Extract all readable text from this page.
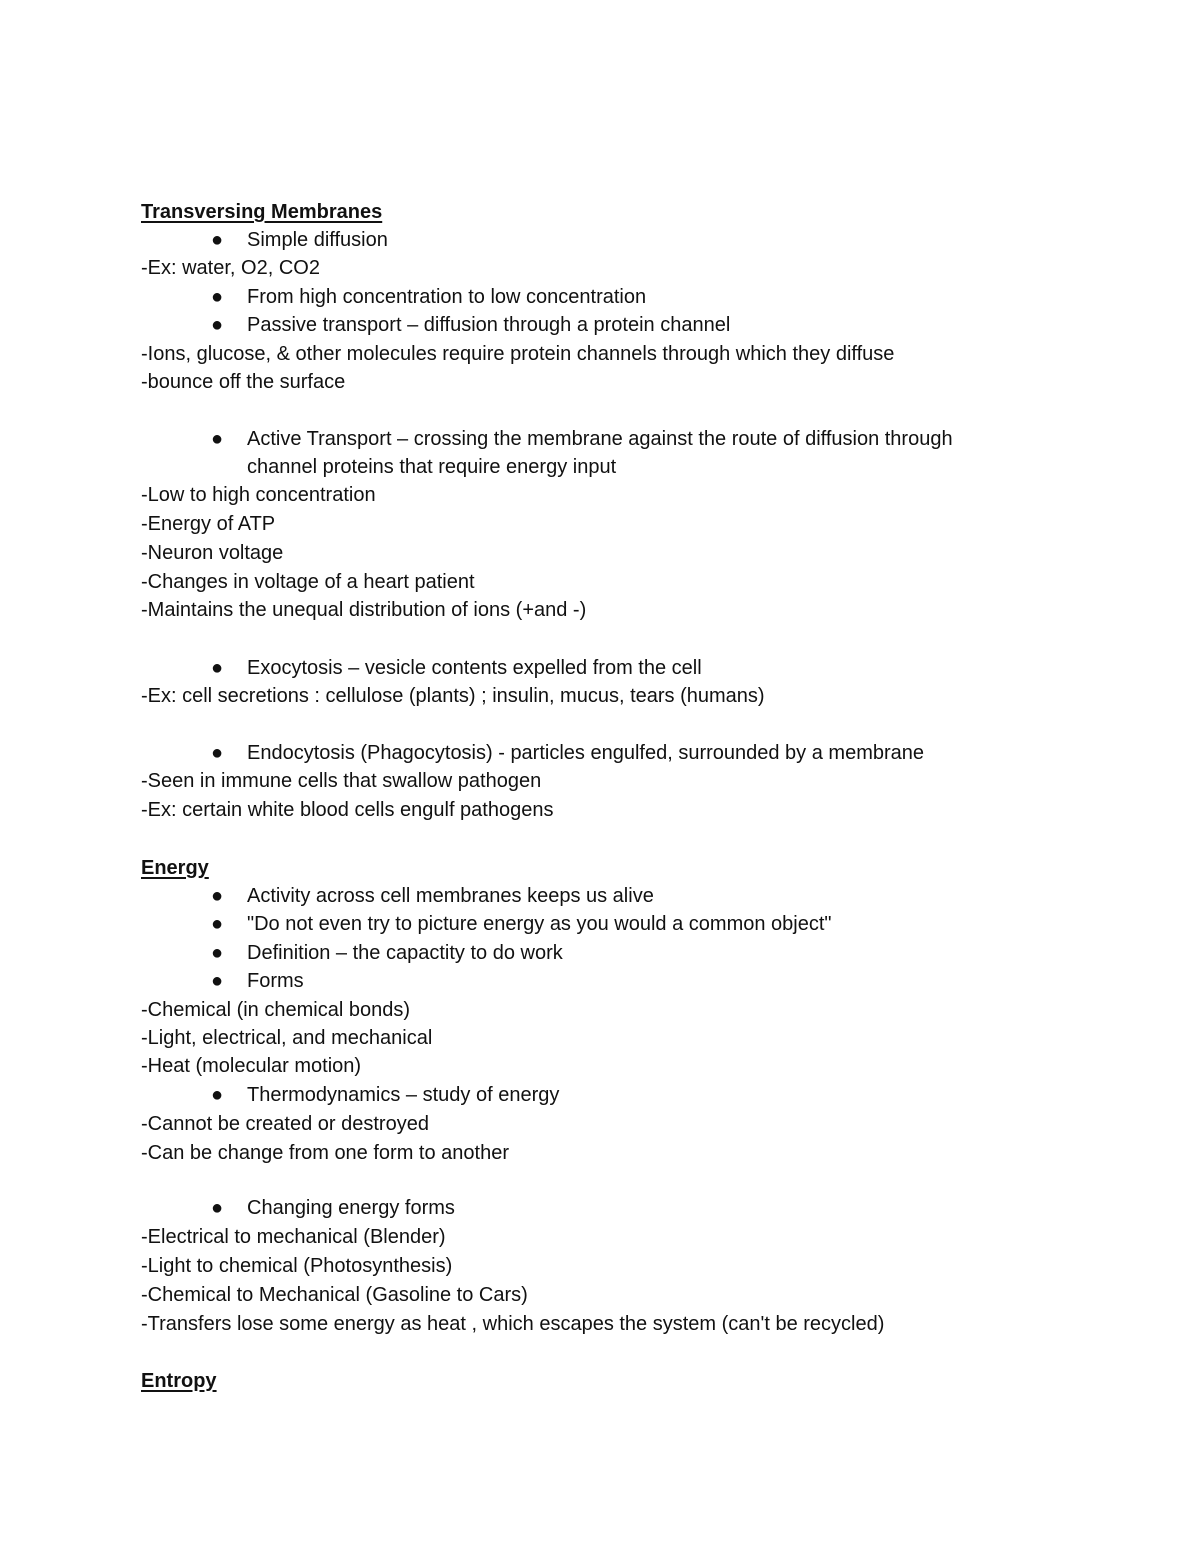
Transversing Membranes
● Simple diffusion
-Ex: water, O2, CO2
● From high concentration to low concentration
● Passive transport – diffusion through a protein channel
-Ions, glucose, & other molecules require protein channels through which they diffuse
-bounce off the surface
● Active Transport – crossing the membrane against the route of diffusion through
channel proteins that require energy input
-Low to high concentration
-Energy of ATP
-Neuron voltage
-Changes in voltage of a heart patient
-Maintains the unequal distribution of ions (+and -)
● Exocytosis – vesicle contents expelled from the cell
-Ex: cell secretions : cellulose (plants) ; insulin, mucus, tears (humans)
● Endocytosis (Phagocytosis) - particles engulfed, surrounded by a membrane
-Seen in immune cells that swallow pathogen
-Ex: certain white blood cells engulf pathogens
Energy
● Activity across cell membranes keeps us alive
● "Do not even try to picture energy as you would a common object"
● Definition – the capactity to do work
● Forms
-Chemical (in chemical bonds)
-Light, electrical, and mechanical
-Heat (molecular motion)
● Thermodynamics – study of energy
-Cannot be created or destroyed
-Can be change from one form to another
● Changing energy forms
-Electrical to mechanical (Blender)
-Light to chemical (Photosynthesis)
-Chemical to Mechanical (Gasoline to Cars)
-Transfers lose some energy as heat , which escapes the system (can't be recycled)
Entropy
